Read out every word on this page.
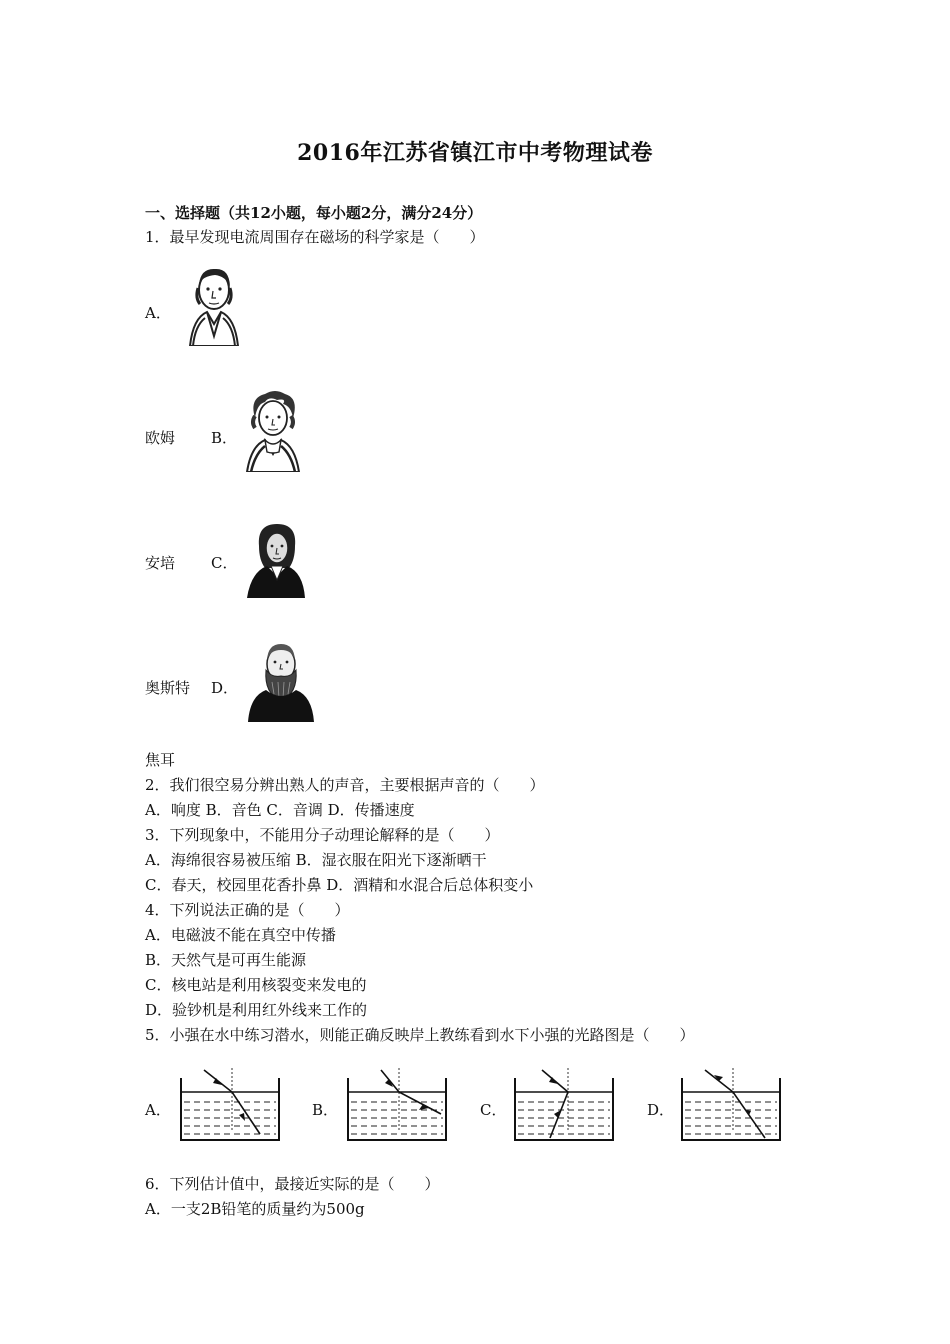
2016年江苏省镇江市中考物理试卷
一、选择题（共12小题，每小题2分，满分24分）
1．最早发现电流周围存在磁场的科学家是（　　）
A．
欧姆 B．
安培 C．
奥斯特 D．
焦耳
2．我们很空易分辨出熟人的声音，主要根据声音的（　　）
A．响度 B．音色 C．音调 D．传播速度
3．下列现象中，不能用分子动理论解释的是（　　）
A．海绵很容易被压缩 B．湿衣服在阳光下逐渐晒干
C．春天，校园里花香扑鼻 D．酒精和水混合后总体积变小
4．下列说法正确的是（　　）
A．电磁波不能在真空中传播
B．天然气是可再生能源
C．核电站是利用核裂变来发电的
D．验钞机是利用红外线来工作的
5．小强在水中练习潜水，则能正确反映岸上教练看到水下小强的光路图是（　　）
A．	B．	C．	D．
6．下列估计值中，最接近实际的是（　　）
A．一支2B铅笔的质量约为500g
